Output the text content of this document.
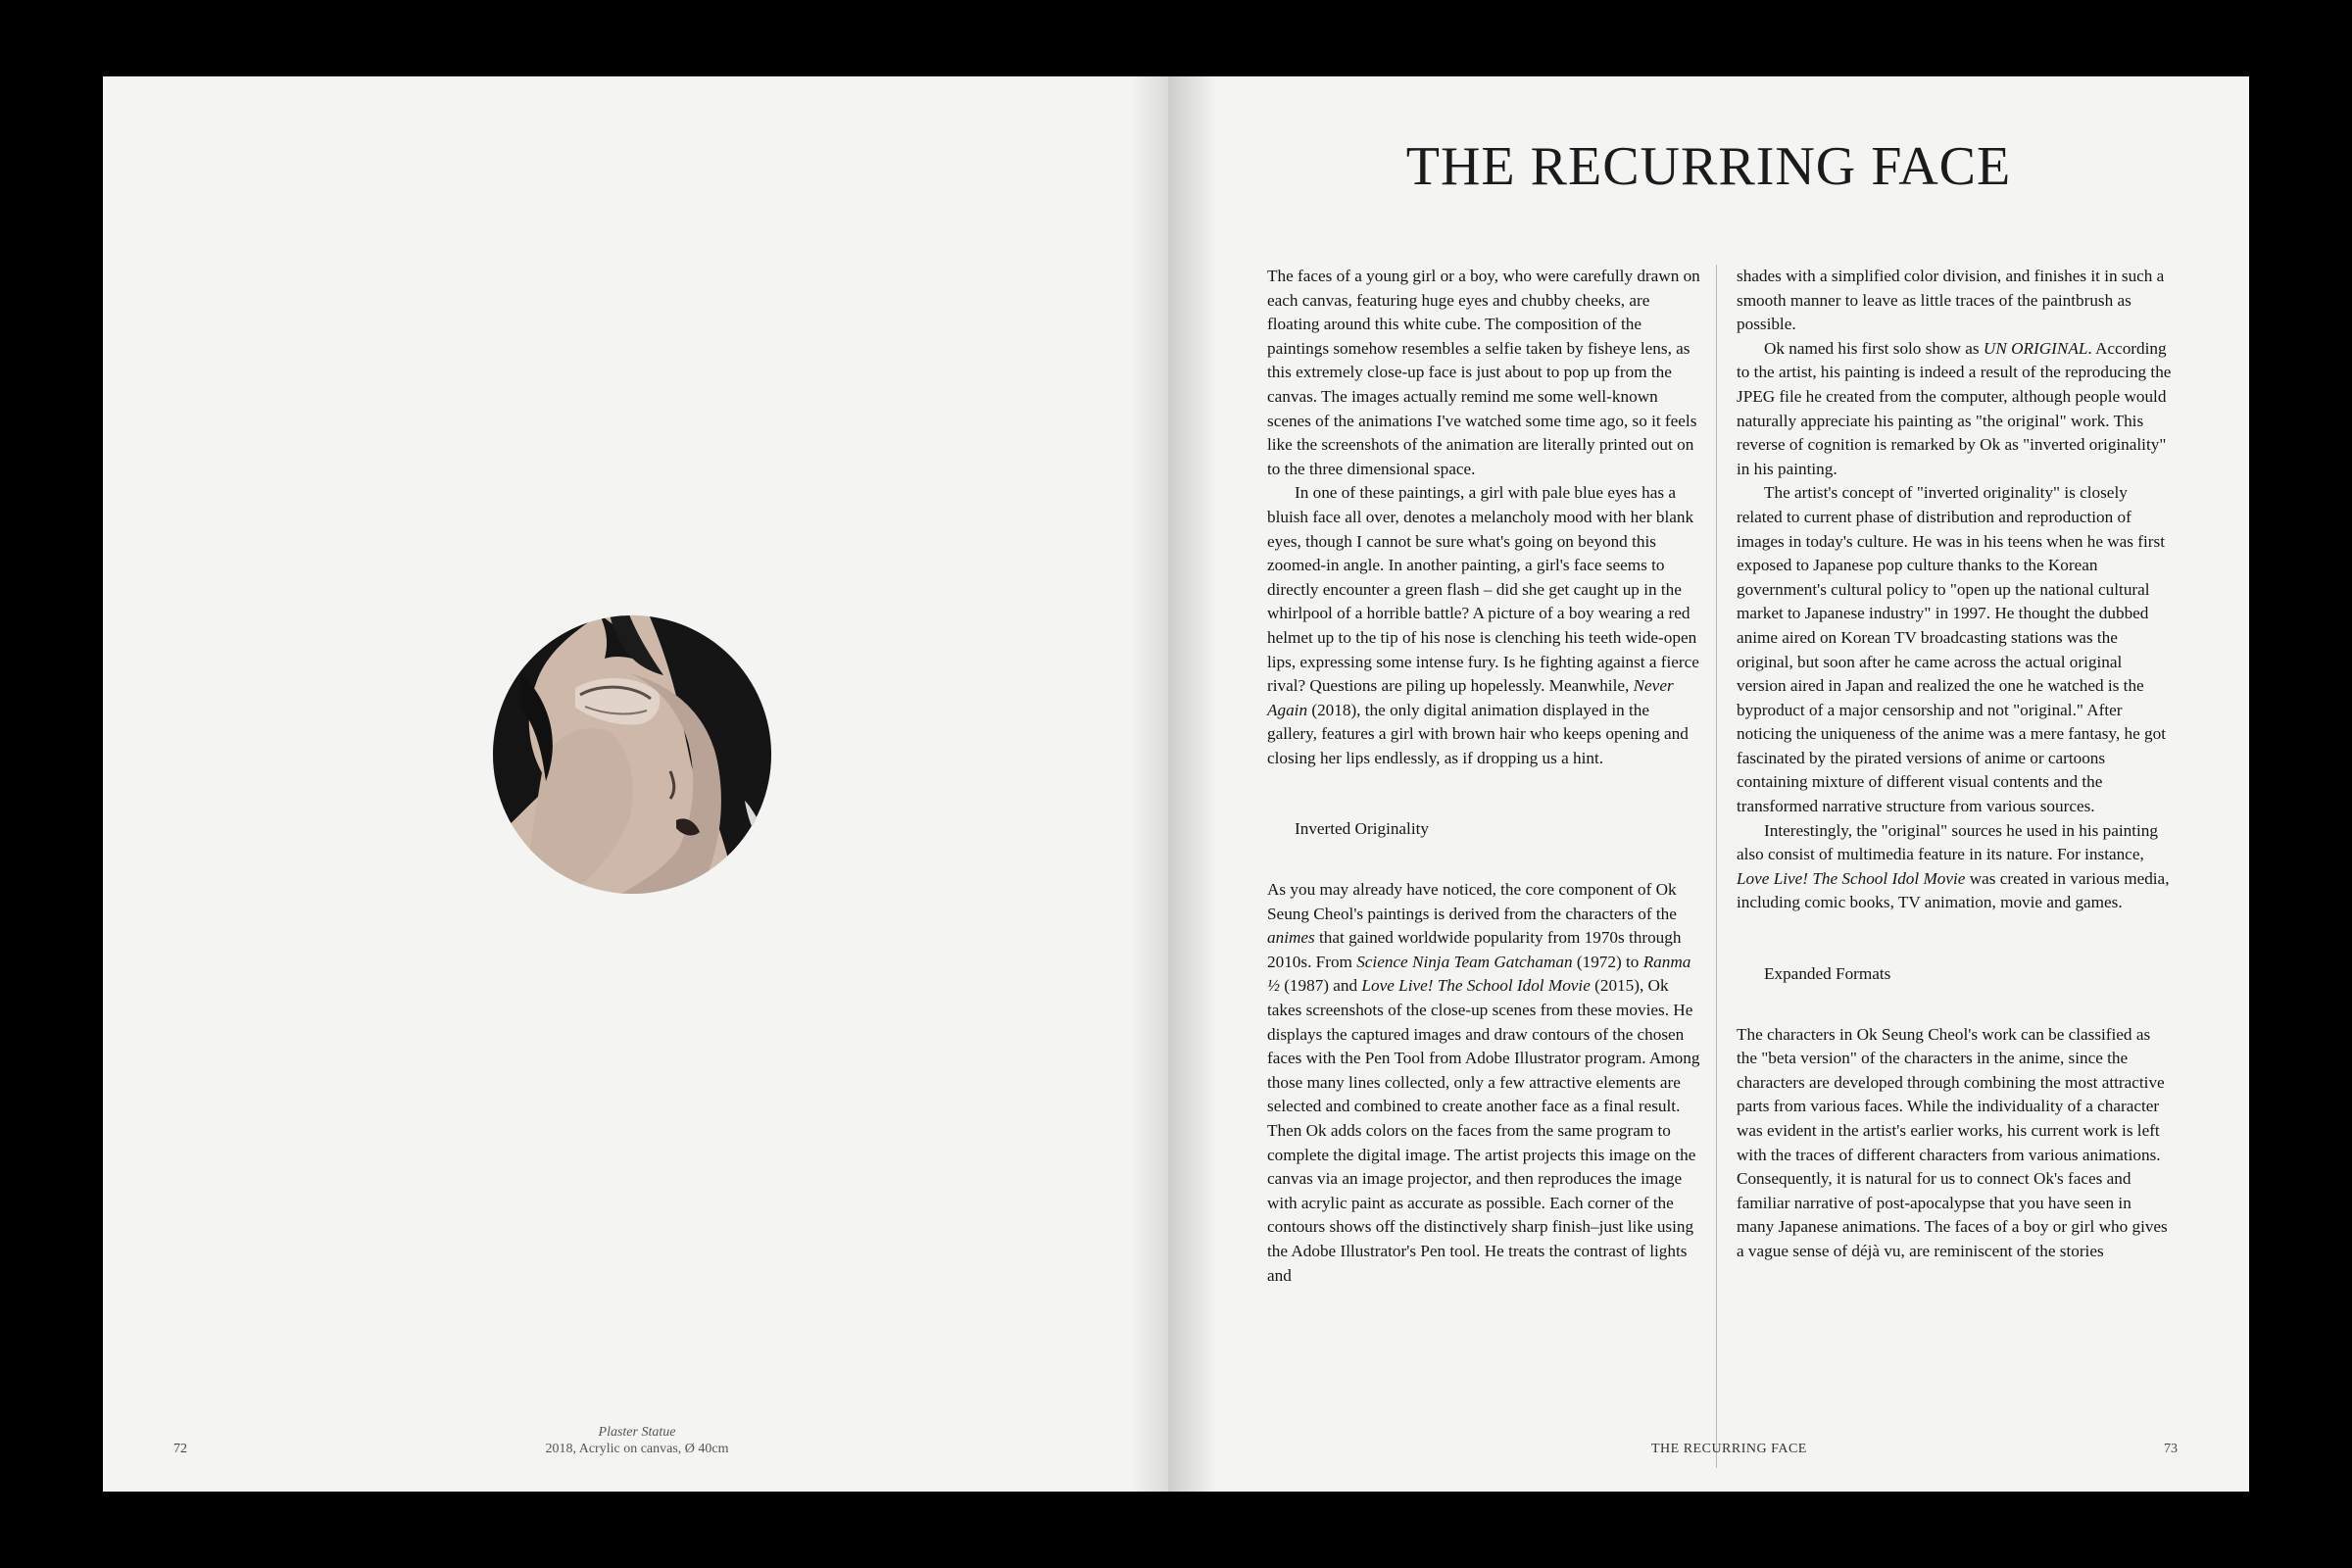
Plaster Statue
2018, Acrylic on canvas, Ø 40cm
72
THE RECURRING FACE

The faces of a young girl or a boy, who were carefully drawn on each canvas, featuring huge eyes and chubby cheeks, are floating around this white cube. The composition of the paintings somehow resembles a selfie taken by fisheye lens, as this extremely close-up face is just about to pop up from the canvas. The images actually remind me some well-known scenes of the animations I've watched some time ago, so it feels like the screenshots of the animation are literally printed out on to the three dimensional space.

In one of these paintings, a girl with pale blue eyes has a bluish face all over, denotes a melancholy mood with her blank eyes, though I cannot be sure what's going on beyond this zoomed-in angle. In another painting, a girl's face seems to directly encounter a green flash – did she get caught up in the whirlpool of a horrible battle? A picture of a boy wearing a red helmet up to the tip of his nose is clenching his teeth wide-open lips, expressing some intense fury. Is he fighting against a fierce rival? Questions are piling up hopelessly. Meanwhile, Never Again (2018), the only digital animation displayed in the gallery, features a girl with brown hair who keeps opening and closing her lips endlessly, as if dropping us a hint.

Inverted Originality

As you may already have noticed, the core component of Ok Seung Cheol's paintings is derived from the characters of the animes that gained worldwide popularity from 1970s through 2010s. From Science Ninja Team Gatchaman (1972) to Ranma ½ (1987) and Love Live! The School Idol Movie (2015), Ok takes screenshots of the close-up scenes from these movies. He displays the captured images and draw contours of the chosen faces with the Pen Tool from Adobe Illustrator program. Among those many lines collected, only a few attractive elements are selected and combined to create another face as a final result. Then Ok adds colors on the faces from the same program to complete the digital image. The artist projects this image on the canvas via an image projector, and then reproduces the image with acrylic paint as accurate as possible. Each corner of the contours shows off the distinctively sharp finish–just like using the Adobe Illustrator's Pen tool. He treats the contrast of lights and

shades with a simplified color division, and finishes it in such a smooth manner to leave as little traces of the paintbrush as possible.

Ok named his first solo show as UN ORIGINAL. According to the artist, his painting is indeed a result of the reproducing the JPEG file he created from the computer, although people would naturally appreciate his painting as "the original" work. This reverse of cognition is remarked by Ok as "inverted originality" in his painting.

The artist's concept of "inverted originality" is closely related to current phase of distribution and reproduction of images in today's culture. He was in his teens when he was first exposed to Japanese pop culture thanks to the Korean government's cultural policy to "open up the national cultural market to Japanese industry" in 1997. He thought the dubbed anime aired on Korean TV broadcasting stations was the original, but soon after he came across the actual original version aired in Japan and realized the one he watched is the byproduct of a major censorship and not "original." After noticing the uniqueness of the anime was a mere fantasy, he got fascinated by the pirated versions of anime or cartoons containing mixture of different visual contents and the transformed narrative structure from various sources.

Interestingly, the "original" sources he used in his painting also consist of multimedia feature in its nature. For instance, Love Live! The School Idol Movie was created in various media, including comic books, TV animation, movie and games.

Expanded Formats

The characters in Ok Seung Cheol's work can be classified as the "beta version" of the characters in the anime, since the characters are developed through combining the most attractive parts from various faces. While the individuality of a character was evident in the artist's earlier works, his current work is left with the traces of different characters from various animations. Consequently, it is natural for us to connect Ok's faces and familiar narrative of post-apocalypse that you have seen in many Japanese animations. The faces of a boy or girl who gives a vague sense of déjà vu, are reminiscent of the stories

THE RECURRING FACE	73
